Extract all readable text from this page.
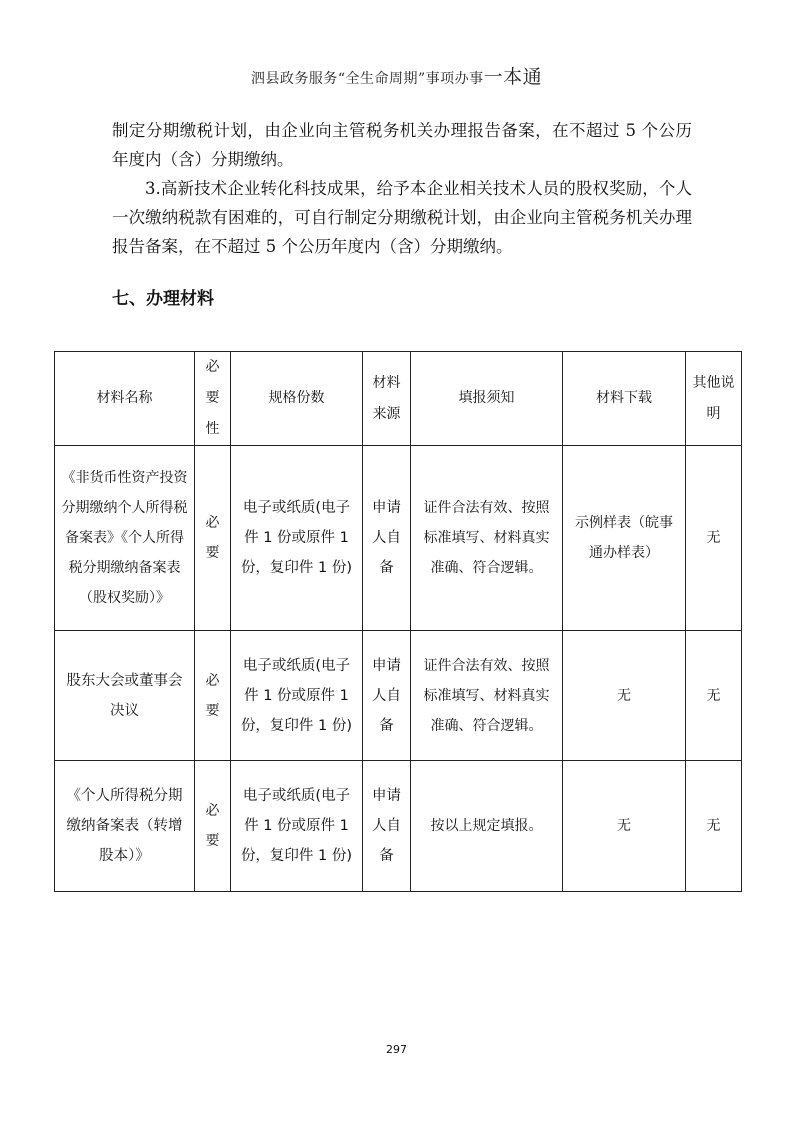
泗县政务服务“全生命周期”事项办事一本通

制定分期缴税计划，由企业向主管税务机关办理报告备案，在不超过 5 个公历年度内（含）分期缴纳。

3.高新技术企业转化科技成果，给予本企业相关技术人员的股权奖励，个人一次缴纳税款有困难的，可自行制定分期缴税计划，由企业向主管税务机关办理报告备案，在不超过 5 个公历年度内（含）分期缴纳。

七、办理材料
材料名称	必要性	规格份数	材料来源	填报须知	材料下载	其他说明
《非货币性资产投资分期缴纳个人所得税备案表》《个人所得税分期缴纳备案表（股权奖励）》	必要	电子或纸质(电子件 1 份或原件 1 份，复印件 1 份)	申请人自备	证件合法有效、按照标准填写、材料真实准确、符合逻辑。	示例样表（皖事通办样表）	无
股东大会或董事会决议	必要	电子或纸质(电子件 1 份或原件 1 份，复印件 1 份)	申请人自备	证件合法有效、按照标准填写、材料真实准确、符合逻辑。	无	无
《个人所得税分期缴纳备案表（转增股本）》	必要	电子或纸质(电子件 1 份或原件 1 份，复印件 1 份)	申请人自备	按以上规定填报。	无	无
297
